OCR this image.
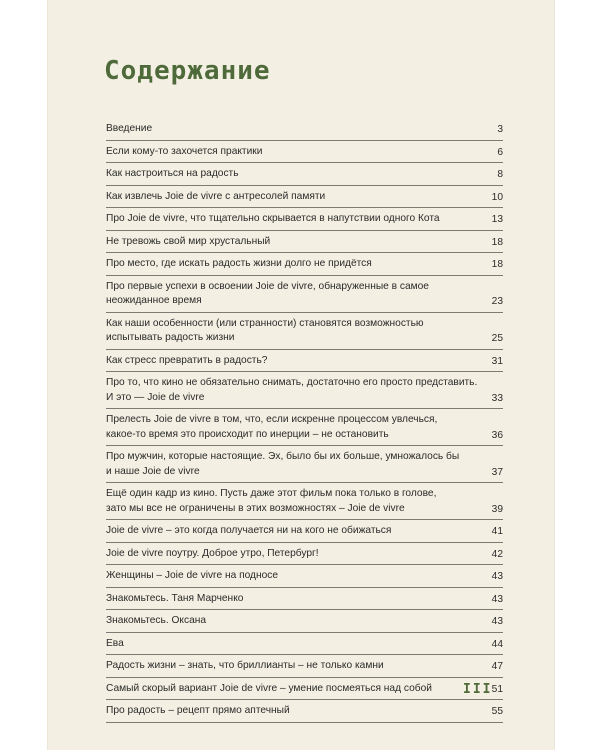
Содержание
Введение	3
Если кому-то захочется практики	6
Как настроиться на радость	8
Как извлечь Joie de vivre с антресолей памяти	10
Про Joie de vivre, что тщательно скрывается в напутствии одного Кота	13
Не тревожь свой мир хрустальный	18
Про место, где искать радость жизни долго не придётся	18
Про первые успехи в освоении Joie de vivre, обнаруженные в самое
неожиданное время	23
Как наши особенности (или странности) становятся возможностью
испытывать радость жизни	25
Как стресс превратить в радость?	31
Про то, что кино не обязательно снимать, достаточно его просто представить.
И это — Joie de vivre	33
Прелесть Joie de vivre в том, что, если искренне процессом увлечься,
какое-то время это происходит по инерции – не остановить	36
Про мужчин, которые настоящие. Эх, было бы их больше, умножалось бы
и наше Joie de vivre	37
Ещё один кадр из кино. Пусть даже этот фильм пока только в голове,
зато мы все не ограничены в этих возможностях – Joie de vivre	39
Joie de vivre – это когда получается ни на кого не обижаться	41
Joie de vivre поутру. Доброе утро, Петербург!	42
Женщины – Joie de vivre на подносе	43
Знакомьтесь. Таня Марченко	43
Знакомьтесь. Оксана	43
Ева	44
Радость жизни – знать, что бриллианты – не только камни	47
Самый скорый вариант Joie de vivre – умение посмеяться над собой	51
Про радость – рецепт прямо аптечный	55
III
